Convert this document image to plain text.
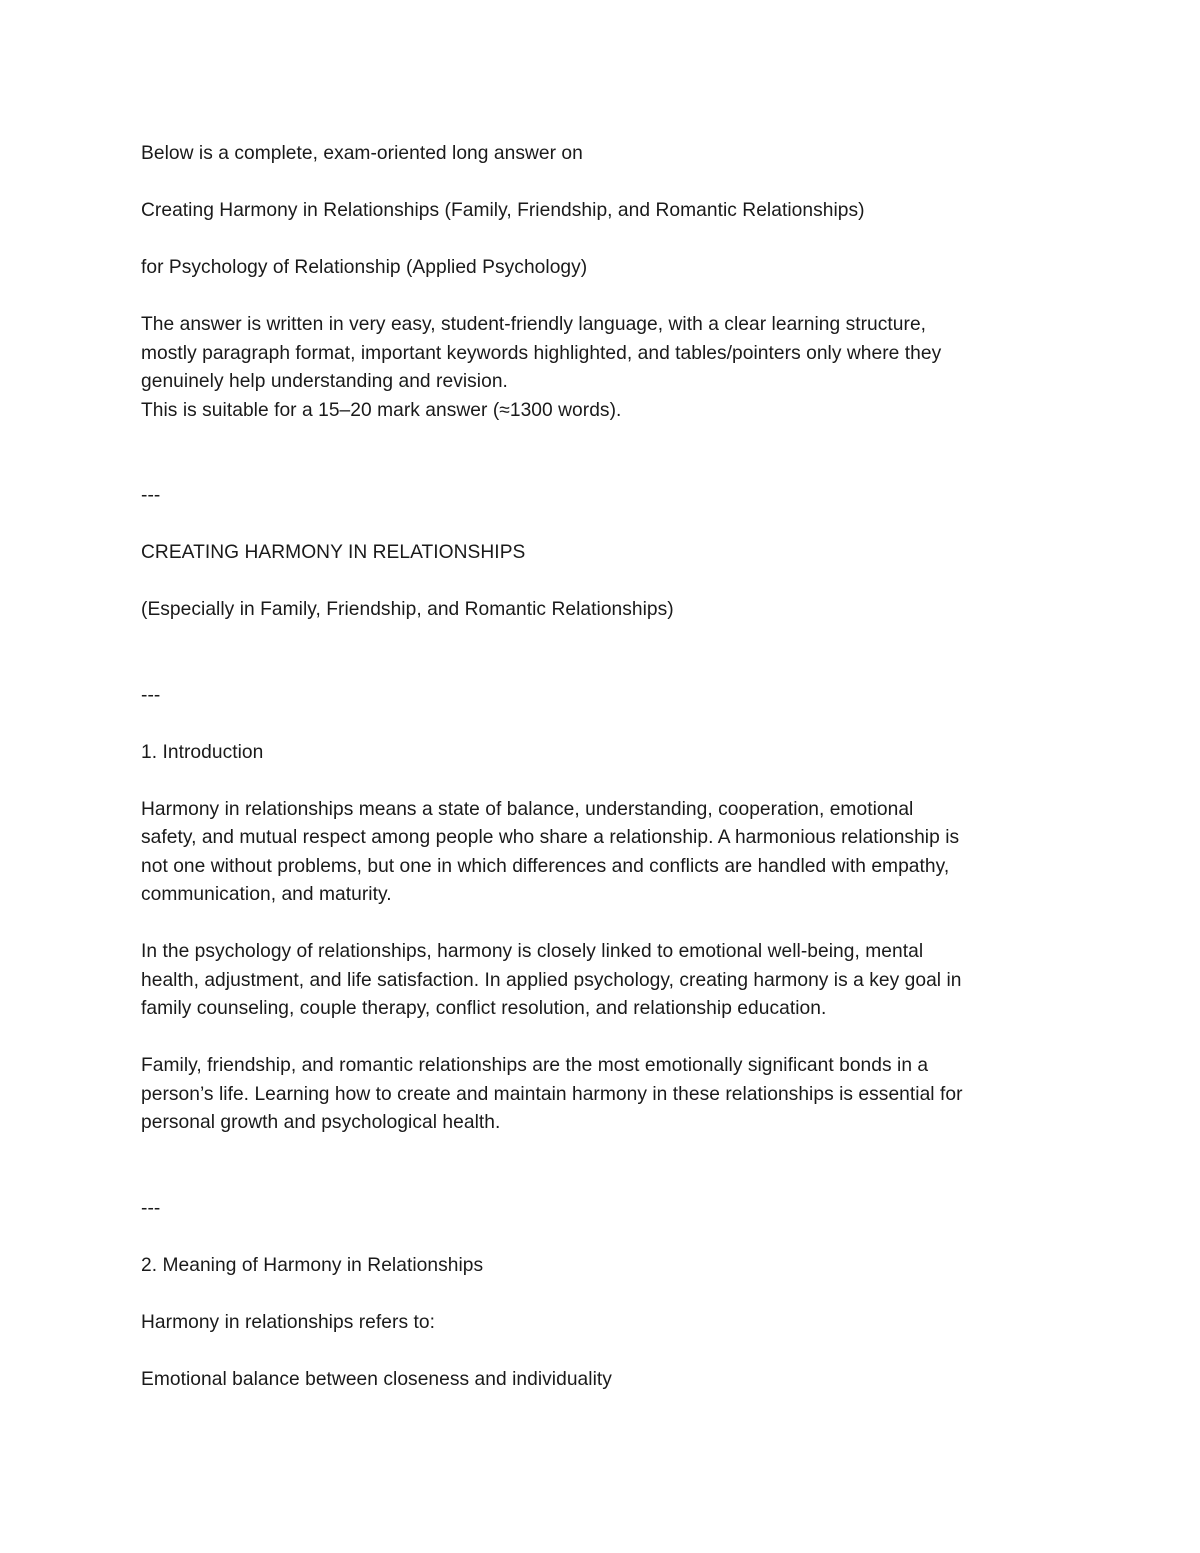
Below is a complete, exam-oriented long answer on

Creating Harmony in Relationships (Family, Friendship, and Romantic Relationships)

for Psychology of Relationship (Applied Psychology)

The answer is written in very easy, student-friendly language, with a clear learning structure,

mostly paragraph format, important keywords highlighted, and tables/pointers only where they

genuinely help understanding and revision.

This is suitable for a 15–20 mark answer (≈1300 words).

---

CREATING HARMONY IN RELATIONSHIPS

(Especially in Family, Friendship, and Romantic Relationships)

---

1. Introduction

Harmony in relationships means a state of balance, understanding, cooperation, emotional

safety, and mutual respect among people who share a relationship. A harmonious relationship is

not one without problems, but one in which differences and conflicts are handled with empathy,

communication, and maturity.

In the psychology of relationships, harmony is closely linked to emotional well-being, mental

health, adjustment, and life satisfaction. In applied psychology, creating harmony is a key goal in

family counseling, couple therapy, conflict resolution, and relationship education.

Family, friendship, and romantic relationships are the most emotionally significant bonds in a

person’s life. Learning how to create and maintain harmony in these relationships is essential for

personal growth and psychological health.

---

2. Meaning of Harmony in Relationships

Harmony in relationships refers to:

Emotional balance between closeness and individuality
